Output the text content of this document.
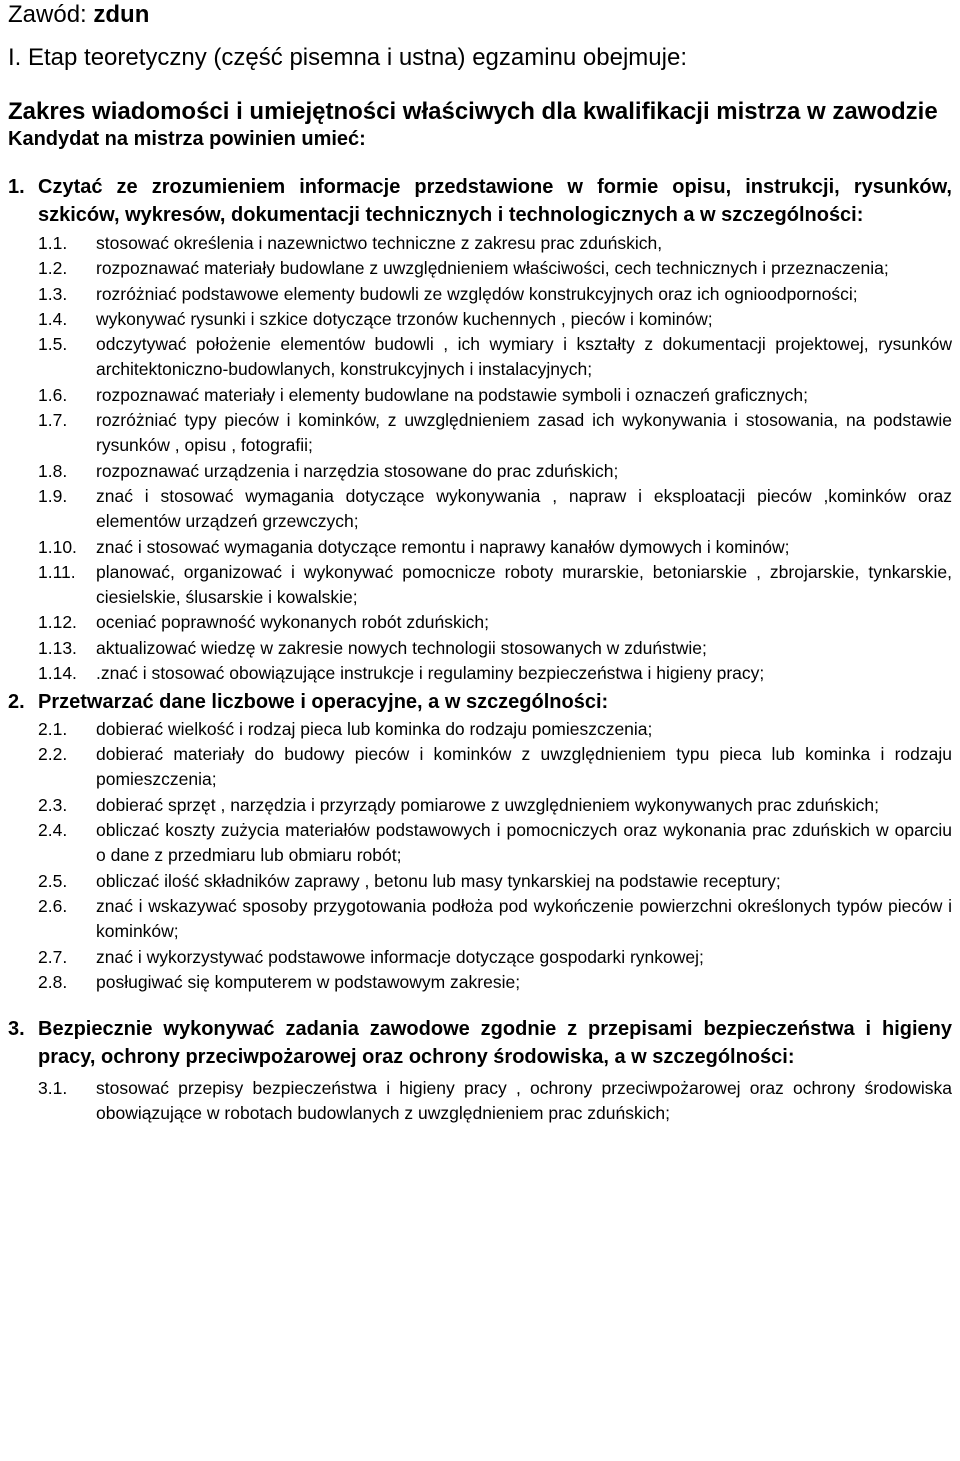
Zawód: zdun
I. Etap teoretyczny (część pisemna i ustna) egzaminu obejmuje:
Zakres wiadomości i umiejętności właściwych dla kwalifikacji mistrza w zawodzie
Kandydat na mistrza powinien umieć:
1. Czytać ze zrozumieniem informacje przedstawione w formie opisu, instrukcji, rysunków, szkiców, wykresów, dokumentacji technicznych i technologicznych a w szczególności:
1.1.	stosować określenia i nazewnictwo techniczne z zakresu prac zduńskich,
1.2.	rozpoznawać materiały budowlane z uwzględnieniem właściwości, cech technicznych i przeznaczenia;
1.3.	rozróżniać podstawowe elementy budowli ze względów konstrukcyjnych oraz ich ognioodporności;
1.4.	wykonywać rysunki i szkice dotyczące trzonów kuchennych , pieców i kominów;
1.5.	odczytywać położenie elementów budowli , ich wymiary i kształty z dokumentacji projektowej, rysunków architektoniczno-budowlanych, konstrukcyjnych i instalacyjnych;
1.6.	rozpoznawać materiały i elementy budowlane na podstawie symboli i oznaczeń graficznych;
1.7.	rozróżniać typy pieców i kominków, z uwzględnieniem zasad ich wykonywania i stosowania, na podstawie rysunków , opisu , fotografii;
1.8.	rozpoznawać urządzenia i narzędzia stosowane do prac zduńskich;
1.9.	znać i stosować wymagania dotyczące wykonywania , napraw i eksploatacji pieców ,kominków oraz elementów urządzeń grzewczych;
1.10.	znać i stosować wymagania dotyczące remontu i naprawy kanałów dymowych i kominów;
1.11.	planować, organizować i wykonywać pomocnicze roboty murarskie, betoniarskie , zbrojarskie, tynkarskie, ciesielskie, ślusarskie i kowalskie;
1.12.	oceniać poprawność wykonanych robót zduńskich;
1.13.	aktualizować wiedzę w zakresie nowych technologii stosowanych w zduństwie;
1.14.	.znać i stosować obowiązujące instrukcje i regulaminy bezpieczeństwa i higieny pracy;
2. Przetwarzać dane liczbowe i operacyjne, a w szczególności:
2.1.	dobierać wielkość i rodzaj pieca lub kominka do rodzaju pomieszczenia;
2.2.	dobierać materiały do budowy pieców i kominków z uwzględnieniem typu pieca lub kominka i rodzaju pomieszczenia;
2.3.	dobierać sprzęt , narzędzia i przyrządy pomiarowe z uwzględnieniem wykonywanych prac zduńskich;
2.4.	obliczać koszty zużycia materiałów podstawowych i pomocniczych oraz wykonania prac zduńskich w oparciu o dane z przedmiaru lub obmiaru robót;
2.5.	obliczać ilość składników zaprawy , betonu lub masy tynkarskiej na podstawie receptury;
2.6.	znać i wskazywać sposoby przygotowania podłoża pod wykończenie powierzchni określonych typów pieców i kominków;
2.7.	znać i wykorzystywać podstawowe informacje dotyczące gospodarki rynkowej;
2.8.	posługiwać się komputerem w podstawowym zakresie;
3. Bezpiecznie wykonywać zadania zawodowe zgodnie z przepisami bezpieczeństwa i higieny pracy, ochrony przeciwpożarowej oraz ochrony środowiska, a w szczególności:
3.1.	stosować przepisy bezpieczeństwa i higieny pracy , ochrony przeciwpożarowej oraz ochrony środowiska obowiązujące w robotach budowlanych z uwzględnieniem prac zduńskich;
